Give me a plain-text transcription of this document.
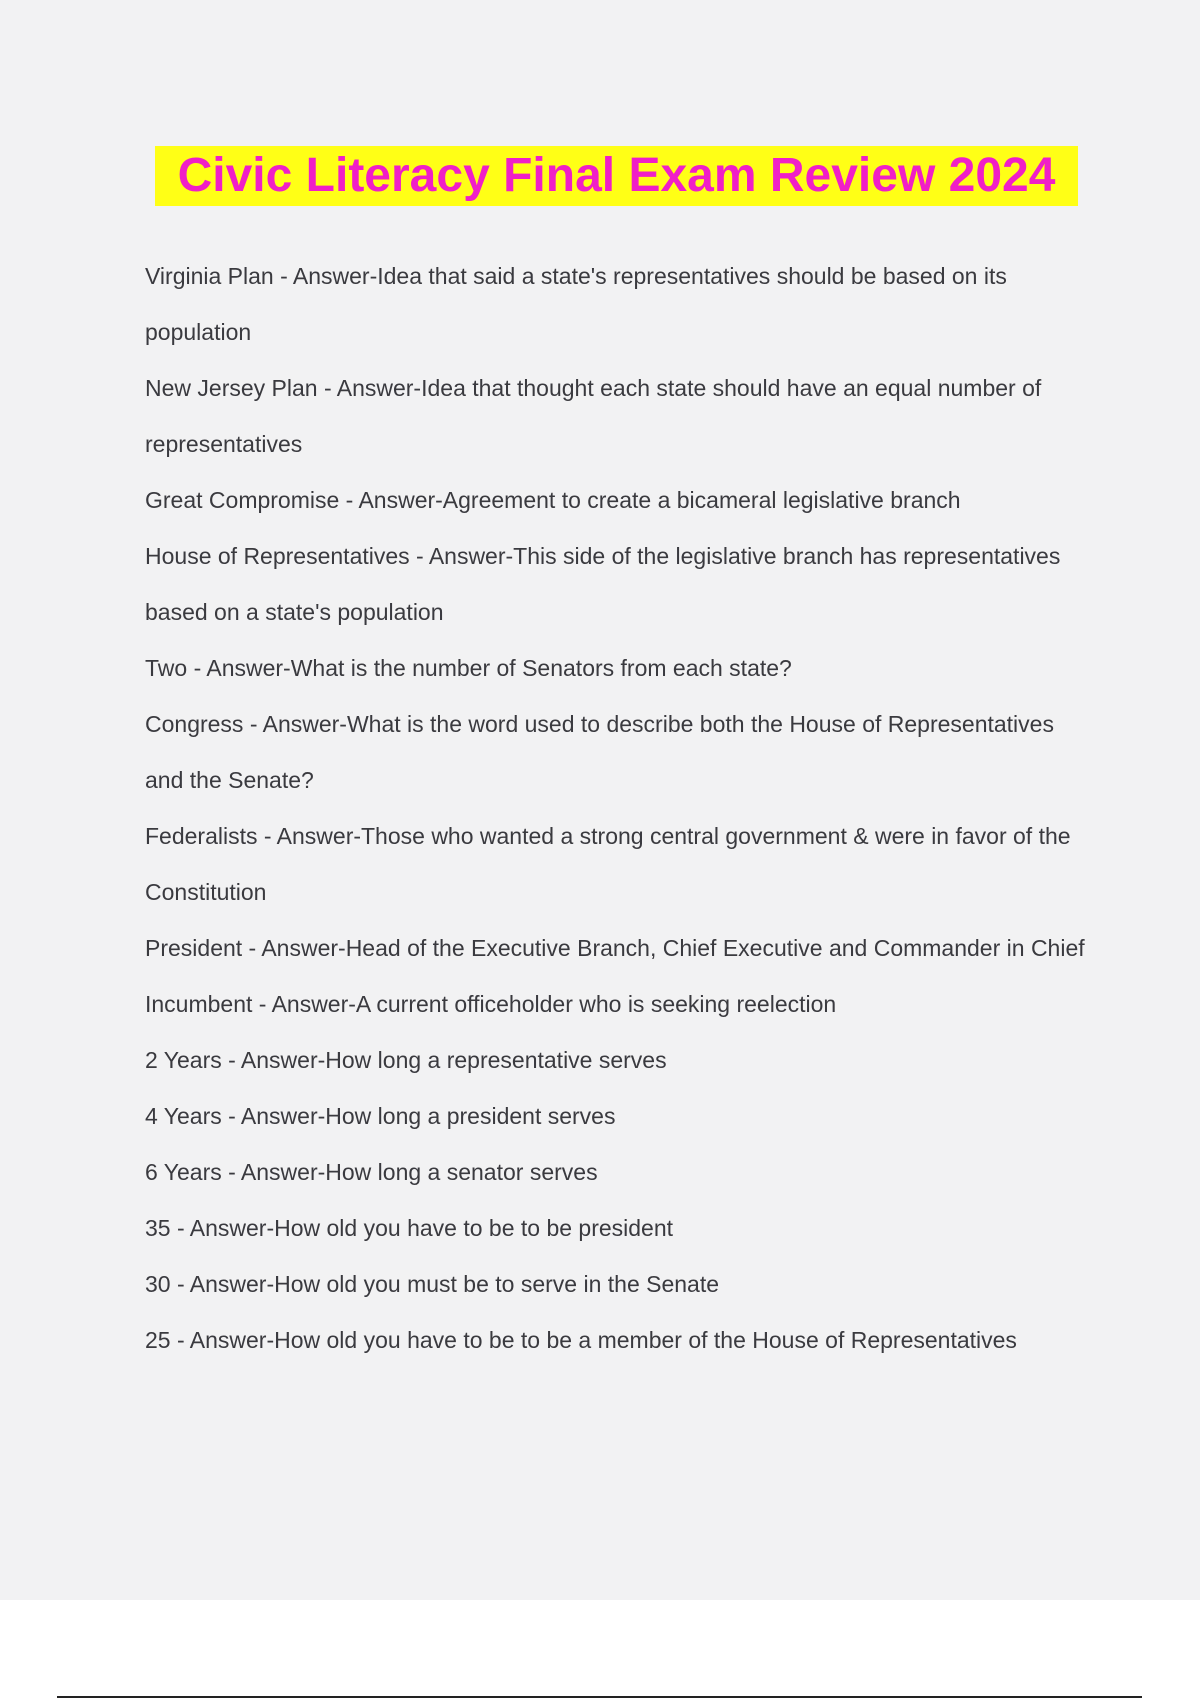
Civic Literacy Final Exam Review 2024
Virginia Plan - Answer-Idea that said a state's representatives should be based on its population
New Jersey Plan - Answer-Idea that thought each state should have an equal number of representatives
Great Compromise - Answer-Agreement to create a bicameral legislative branch
House of Representatives - Answer-This side of the legislative branch has representatives based on a state's population
Two - Answer-What is the number of Senators from each state?
Congress - Answer-What is the word used to describe both the House of Representatives and the Senate?
Federalists - Answer-Those who wanted a strong central government & were in favor of the Constitution
President - Answer-Head of the Executive Branch, Chief Executive and Commander in Chief
Incumbent - Answer-A current officeholder who is seeking reelection
2 Years - Answer-How long a representative serves
4 Years - Answer-How long a president serves
6 Years - Answer-How long a senator serves
35 - Answer-How old you have to be to be president
30 - Answer-How old you must be to serve in the Senate
25 - Answer-How old you have to be to be a member of the House of Representatives
